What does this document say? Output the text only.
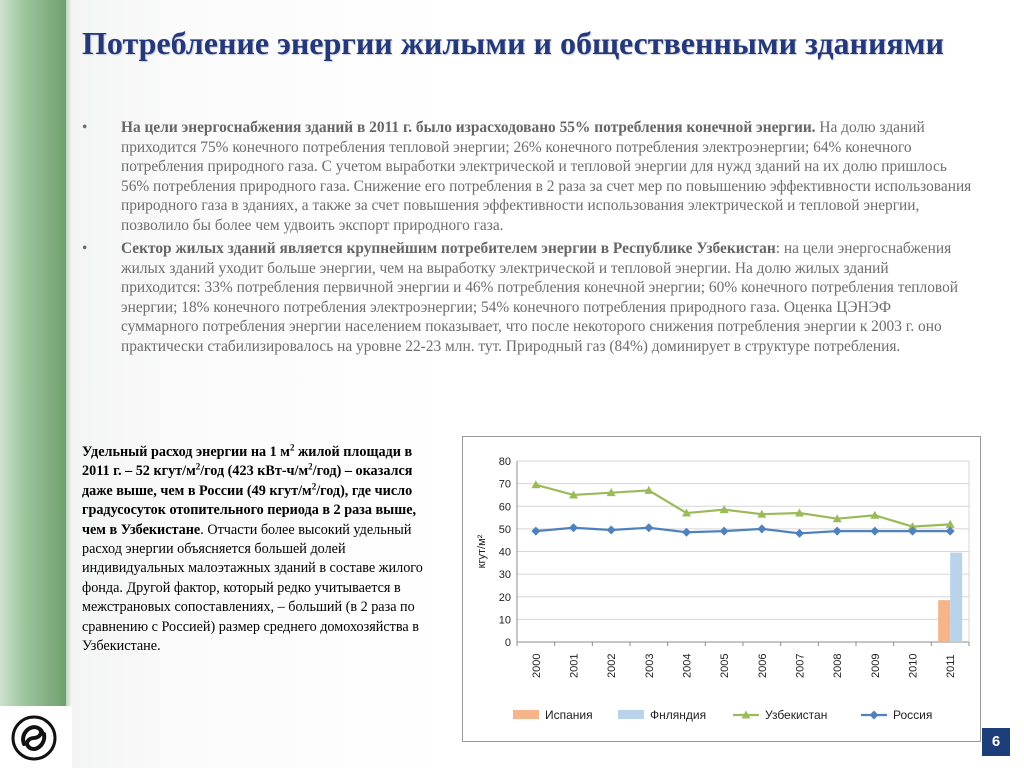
Потребление энергии жилыми и общественными зданиями
• На цели энергоснабжения зданий в 2011 г. было израсходовано 55% потребления конечной энергии. На долю зданий приходится 75% конечного потребления тепловой энергии; 26% конечного потребления электроэнергии; 64% конечного потребления природного газа. С учетом выработки электрической и тепловой энергии для нужд зданий на их долю пришлось 56% потребления природного газа. Снижение его потребления в 2 раза за счет мер по повышению эффективности использования природного газа в зданиях, а также за счет повышения эффективности использования электрической и тепловой энергии, позволило бы более чем удвоить экспорт природного газа.
• Сектор жилых зданий является крупнейшим потребителем энергии в Республике Узбекистан: на цели энергоснабжения жилых зданий уходит больше энергии, чем на выработку электрической и тепловой энергии. На долю жилых зданий приходится: 33% потребления первичной энергии и 46% потребления конечной энергии; 60% конечного потребления тепловой энергии; 18% конечного потребления электроэнергии; 54% конечного потребления природного газа. Оценка ЦЭНЭФ суммарного потребления энергии населением показывает, что после некоторого снижения потребления энергии к 2003 г. оно практически стабилизировалось на уровне 22-23 млн. тут. Природный газ (84%) доминирует в структуре потребления.
Удельный расход энергии на 1 $м^2$ жилой площади в 2011 г. – 52 кгут/$м^2$/год (423 кВт-$ч/м^2/год$) – оказался даже выше, чем в России (49 кгут/$м^2/год$), где число градусосуток отопительного периода в 2 раза выше, чем в Узбекистане. Отчасти более высокий удельный расход энергии объясняется большей долей индивидуальных малоэтажных зданий в составе жилого фонда. Другой фактор, который редко учитывается в межстрановых сопоставлениях, – больший (в 2 раза по сравнению с Россией) размер среднего домохозяйства в Узбекистане.	0
10
20
30
40
50
60
70
80
2000 2001 2002 2003 2004 2005 2006 2007 2008 2009 2010 2011
кгут/м²
Испания	Фнляндия	Узбекистан	Россия
6
